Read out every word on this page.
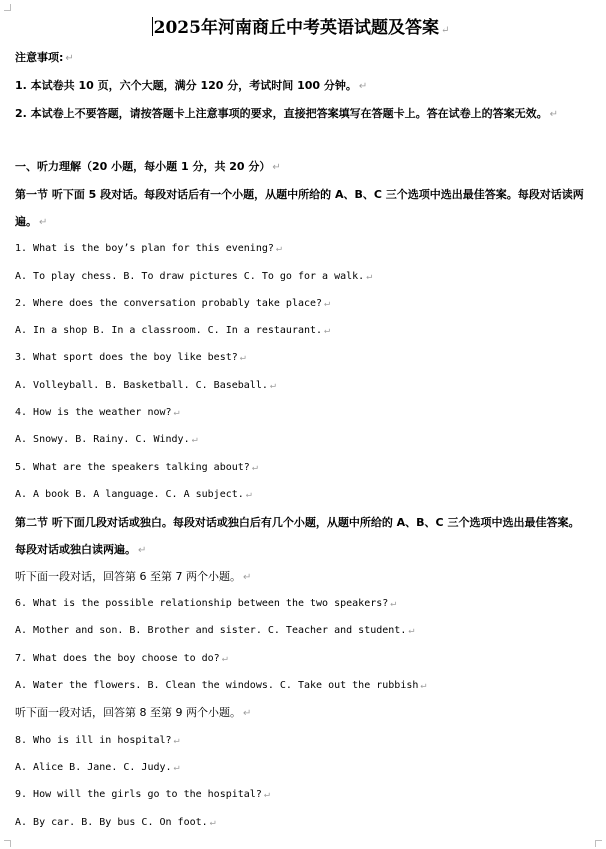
2025年河南商丘中考英语试题及答案 ↵
注意事项: ↵
1. 本试卷共 10 页，六个大题，满分 120 分，考试时间 100 分钟。 ↵
2. 本试卷上不要答题，请按答题卡上注意事项的要求，直接把答案填写在答题卡上。答在试卷上的答案无效。 ↵
一、听力理解（20 小题，每小题 1 分，共 20 分） ↵
第一节 听下面 5 段对话。每段对话后有一个小题，从题中所给的 A、B、C 三个选项中选出最佳答案。每段对话读两遍。 ↵
1. What is the boy’s plan for this evening? ↵
A. To play chess. B. To draw pictures C. To go for a walk. ↵
2. Where does the conversation probably take place? ↵
A. In a shop B. In a classroom. C. In a restaurant. ↵
3. What sport does the boy like best? ↵
A. Volleyball. B. Basketball. C. Baseball. ↵
4. How is the weather now? ↵
A. Snowy. B. Rainy. C. Windy. ↵
5. What are the speakers talking about? ↵
A. A book B. A language. C. A subject. ↵
第二节 听下面几段对话或独白。每段对话或独白后有几个小题，从题中所给的 A、B、C 三个选项中选出最佳答案。每段对话或独白读两遍。 ↵
听下面一段对话，回答第 6 至第 7 两个小题。 ↵
6. What is the possible relationship between the two speakers? ↵
A. Mother and son. B. Brother and sister. C. Teacher and student. ↵
7. What does the boy choose to do? ↵
A. Water the flowers. B. Clean the windows. C. Take out the rubbish ↵
听下面一段对话，回答第 8 至第 9 两个小题。 ↵
8. Who is ill in hospital? ↵
A. Alice B. Jane. C. Judy. ↵
9. How will the girls go to the hospital? ↵
A. By car. B. By bus C. On foot. ↵
